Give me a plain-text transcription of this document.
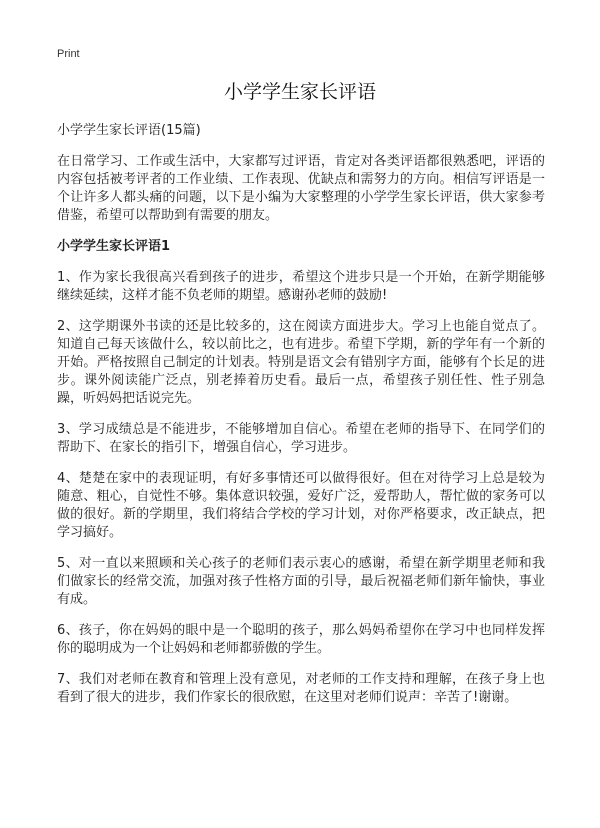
Print
小学学生家长评语

小学学生家长评语(15篇)

在日常学习、工作或生活中，大家都写过评语，肯定对各类评语都很熟悉吧，评语的内容包括被考评者的工作业绩、工作表现、优缺点和需努力的方向。相信写评语是一个让许多人都头痛的问题，以下是小编为大家整理的小学学生家长评语，供大家参考借鉴，希望可以帮助到有需要的朋友。

小学学生家长评语1

1、作为家长我很高兴看到孩子的进步，希望这个进步只是一个开始，在新学期能够继续延续，这样才能不负老师的期望。感谢孙老师的鼓励!

2、这学期课外书读的还是比较多的，这在阅读方面进步大。学习上也能自觉点了。知道自己每天该做什么，较以前比之，也有进步。希望下学期，新的学年有一个新的开始。严格按照自己制定的计划表。特别是语文会有错别字方面，能够有个长足的进步。课外阅读能广泛点，别老捧着历史看。最后一点，希望孩子别任性、性子别急躁，听妈妈把话说完先。

3、学习成绩总是不能进步，不能够增加自信心。希望在老师的指导下、在同学们的帮助下、在家长的指引下，增强自信心，学习进步。

4、楚楚在家中的表现证明，有好多事情还可以做得很好。但在对待学习上总是较为随意、粗心，自觉性不够。集体意识较强，爱好广泛，爱帮助人，帮忙做的家务可以做的很好。新的学期里，我们将结合学校的学习计划，对你严格要求，改正缺点，把学习搞好。

5、对一直以来照顾和关心孩子的老师们表示衷心的感谢，希望在新学期里老师和我们做家长的经常交流，加强对孩子性格方面的引导，最后祝福老师们新年愉快，事业有成。

6、孩子，你在妈妈的眼中是一个聪明的孩子，那么妈妈希望你在学习中也同样发挥你的聪明成为一个让妈妈和老师都骄傲的学生。

7、我们对老师在教育和管理上没有意见，对老师的工作支持和理解，在孩子身上也看到了很大的进步，我们作家长的很欣慰，在这里对老师们说声：辛苦了!谢谢。
